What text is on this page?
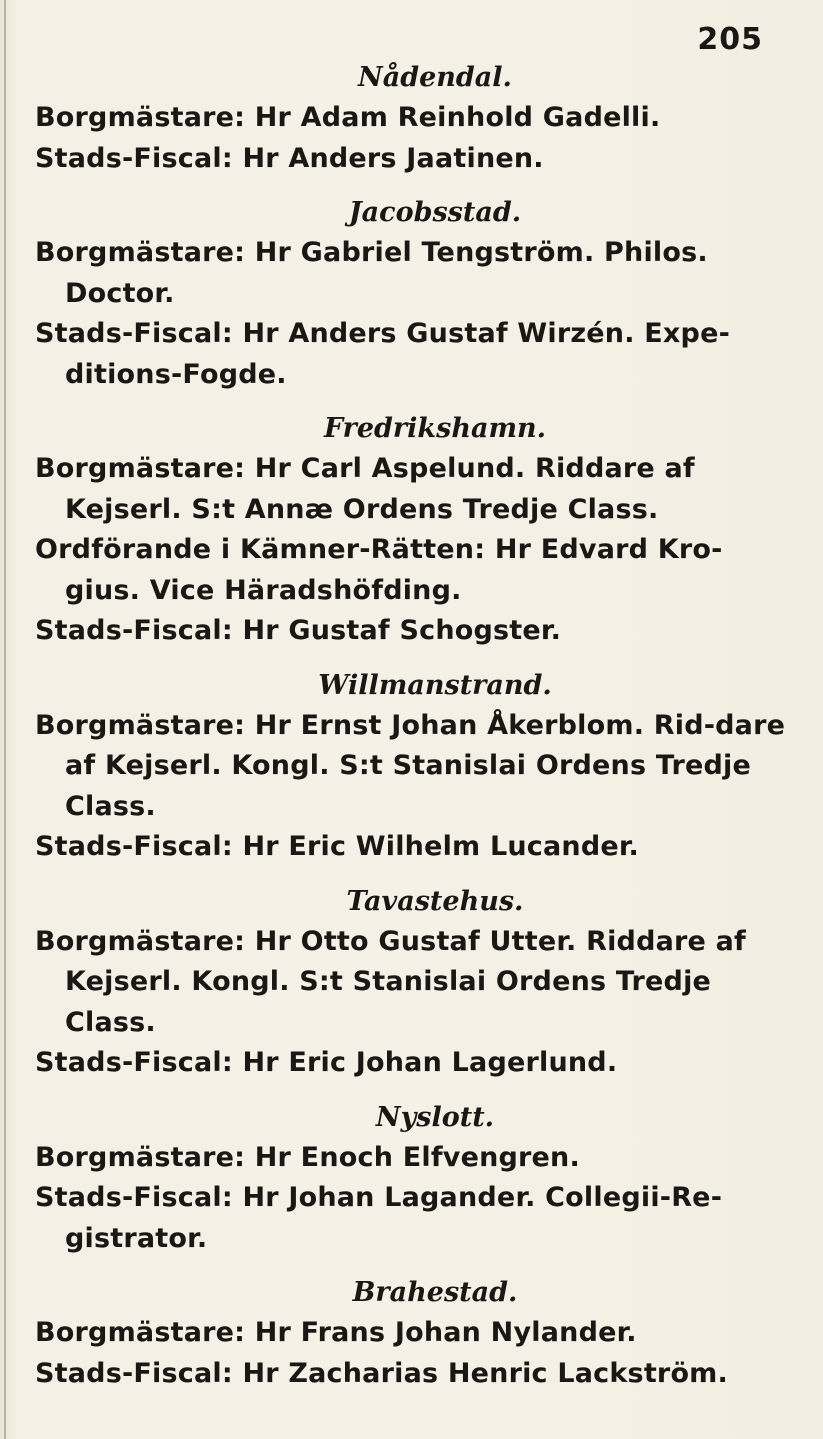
205
Nådendal.
Borgmästare: Hr Adam Reinhold Gadelli.
Stads-Fiscal: Hr Anders Jaatinen.
Jacobsstad.
Borgmästare: Hr Gabriel Tengström. Philos. Doctor.
Stads-Fiscal: Hr Anders Gustaf Wirzén. Expe-ditions-Fogde.
Fredrikshamn.
Borgmästare: Hr Carl Aspelund. Riddare af Kejserl. S:t Annæ Ordens Tredje Class.
Ordförande i Kämner-Rätten: Hr Edvard Kro-gius. Vice Häradshöfding.
Stads-Fiscal: Hr Gustaf Schogster.
Willmanstrand.
Borgmästare: Hr Ernst Johan Åkerblom. Rid-dare af Kejserl. Kongl. S:t Stanislai Ordens Tredje Class.
Stads-Fiscal: Hr Eric Wilhelm Lucander.
Tavastehus.
Borgmästare: Hr Otto Gustaf Utter. Riddare af Kejserl. Kongl. S:t Stanislai Ordens Tredje Class.
Stads-Fiscal: Hr Eric Johan Lagerlund.
Nyslott.
Borgmästare: Hr Enoch Elfvengren.
Stads-Fiscal: Hr Johan Lagander. Collegii-Re-gistrator.
Brahestad.
Borgmästare: Hr Frans Johan Nylander.
Stads-Fiscal: Hr Zacharias Henric Lackström.
